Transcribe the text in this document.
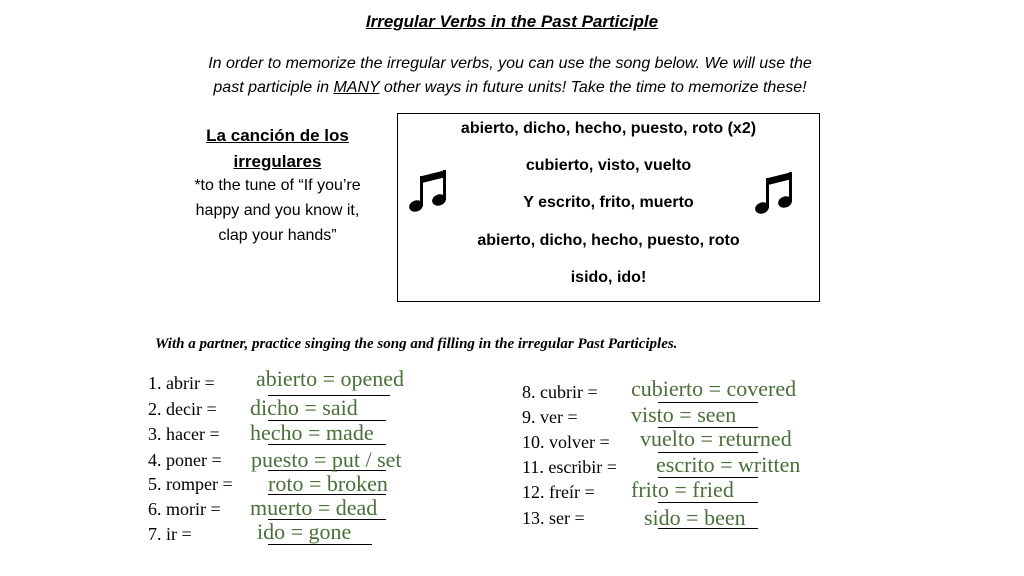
Irregular Verbs in the Past Participle
In order to memorize the irregular verbs, you can use the song below. We will use the
past participle in MANY other ways in future units! Take the time to memorize these!
La canción de los
irregulares
*to the tune of “If you’re
happy and you know it,
clap your hands”
abierto, dicho, hecho, puesto, roto (x2)
cubierto, visto, vuelto
Y escrito, frito, muerto
abierto, dicho, hecho, puesto, roto
isido, ido!
With a partner, practice singing the song and filling in the irregular Past Participles.
1. abrir = abierto = opened
2. decir = dicho = said
3. hacer = hecho = made
4. poner = puesto = put / set
5. romper = roto = broken
6. morir = muerto = dead
7. ir =	ido = gone
8. cubrir = cubierto = covered
9. ver = visto = seen
10. volver = vuelto = returned
11. escribir = escrito = written
12. freír = frito = fried
13. ser =	sido = been
